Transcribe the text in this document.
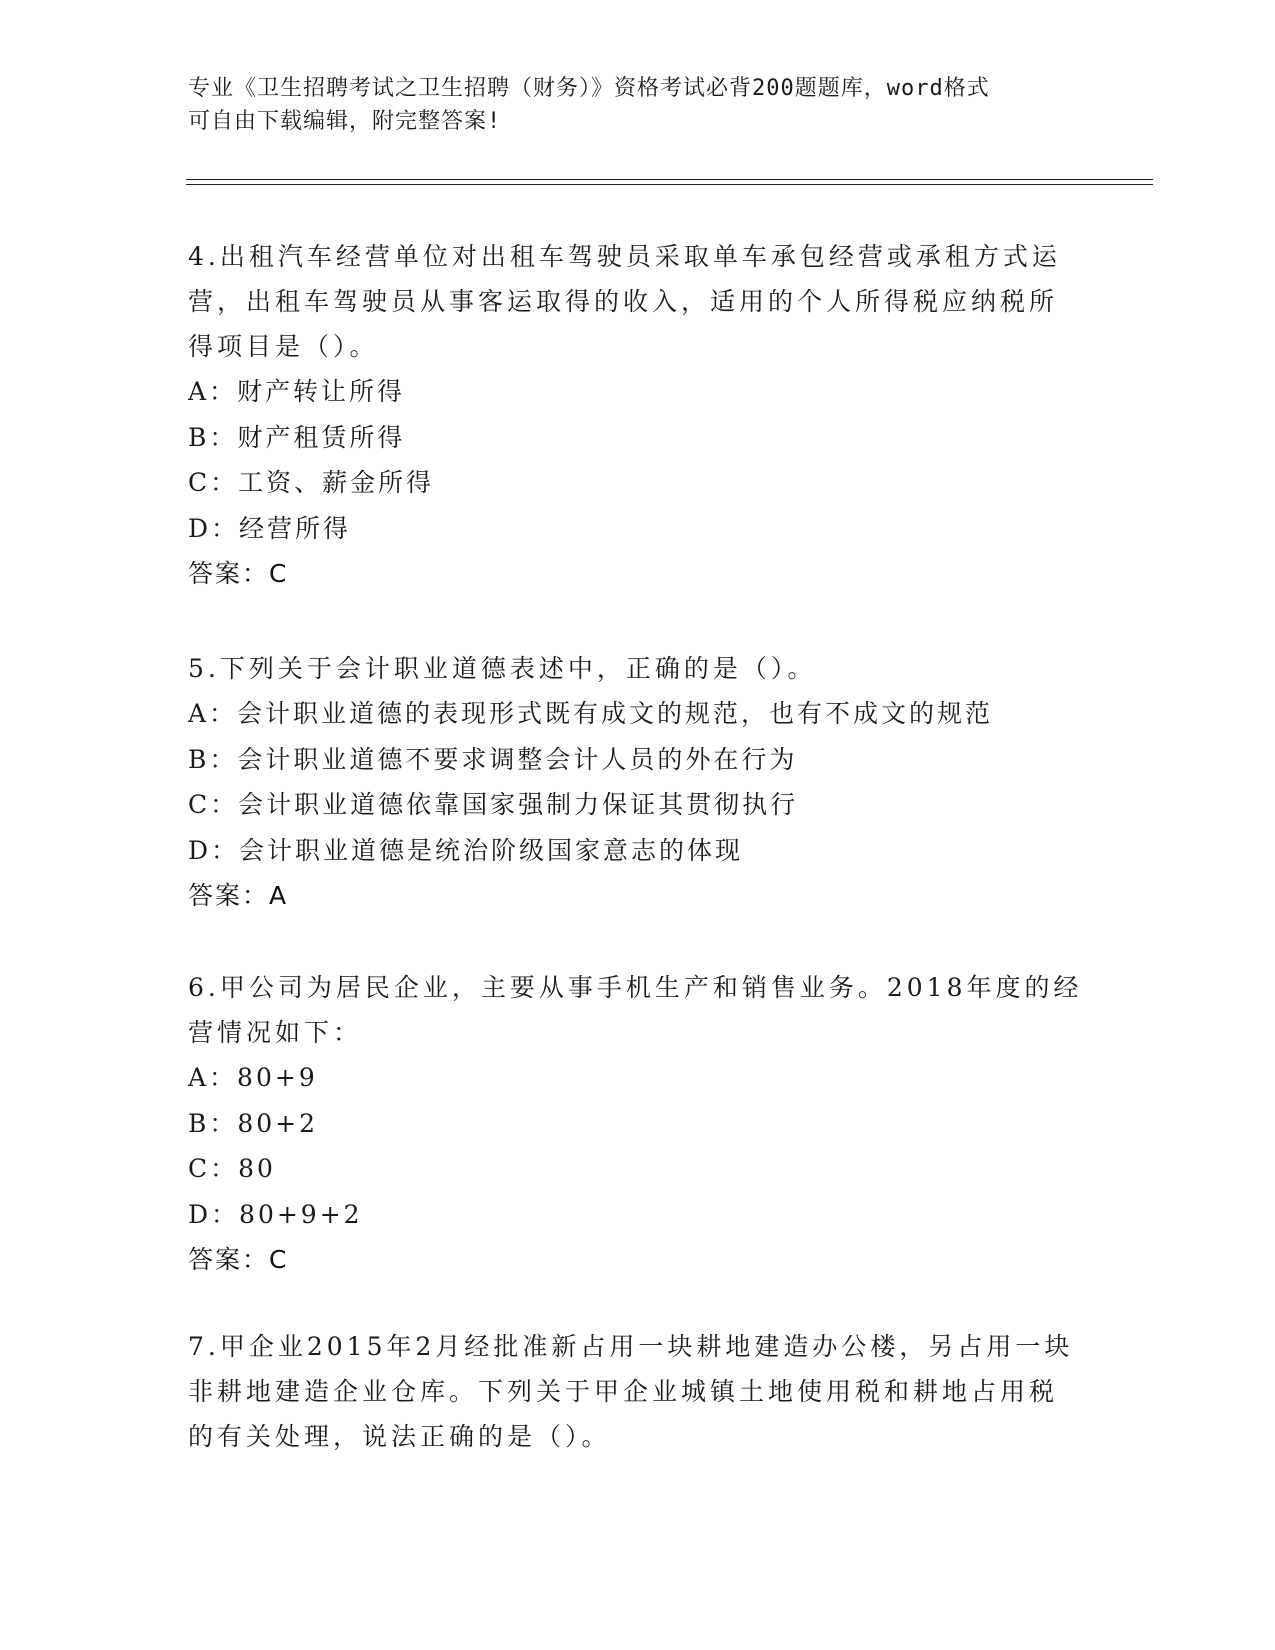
专业《卫生招聘考试之卫生招聘（财务）》资格考试必背200题题库，word格式
可自由下载编辑，附完整答案!
4.出租汽车经营单位对出租车驾驶员采取单车承包经营或承租方式运
营，出租车驾驶员从事客运取得的收入，适用的个人所得税应纳税所
得项目是（）。
A：财产转让所得
B：财产租赁所得
C：工资、薪金所得
D：经营所得
答案：C
5.下列关于会计职业道德表述中，正确的是（）。
A：会计职业道德的表现形式既有成文的规范，也有不成文的规范
B：会计职业道德不要求调整会计人员的外在行为
C：会计职业道德依靠国家强制力保证其贯彻执行
D：会计职业道德是统治阶级国家意志的体现
答案：A
6.甲公司为居民企业，主要从事手机生产和销售业务。2018年度的经
营情况如下：
A：80+9
B：80+2
C：80
D：80+9+2
答案：C
7.甲企业2015年2月经批准新占用一块耕地建造办公楼，另占用一块
非耕地建造企业仓库。下列关于甲企业城镇土地使用税和耕地占用税
的有关处理，说法正确的是（）。
